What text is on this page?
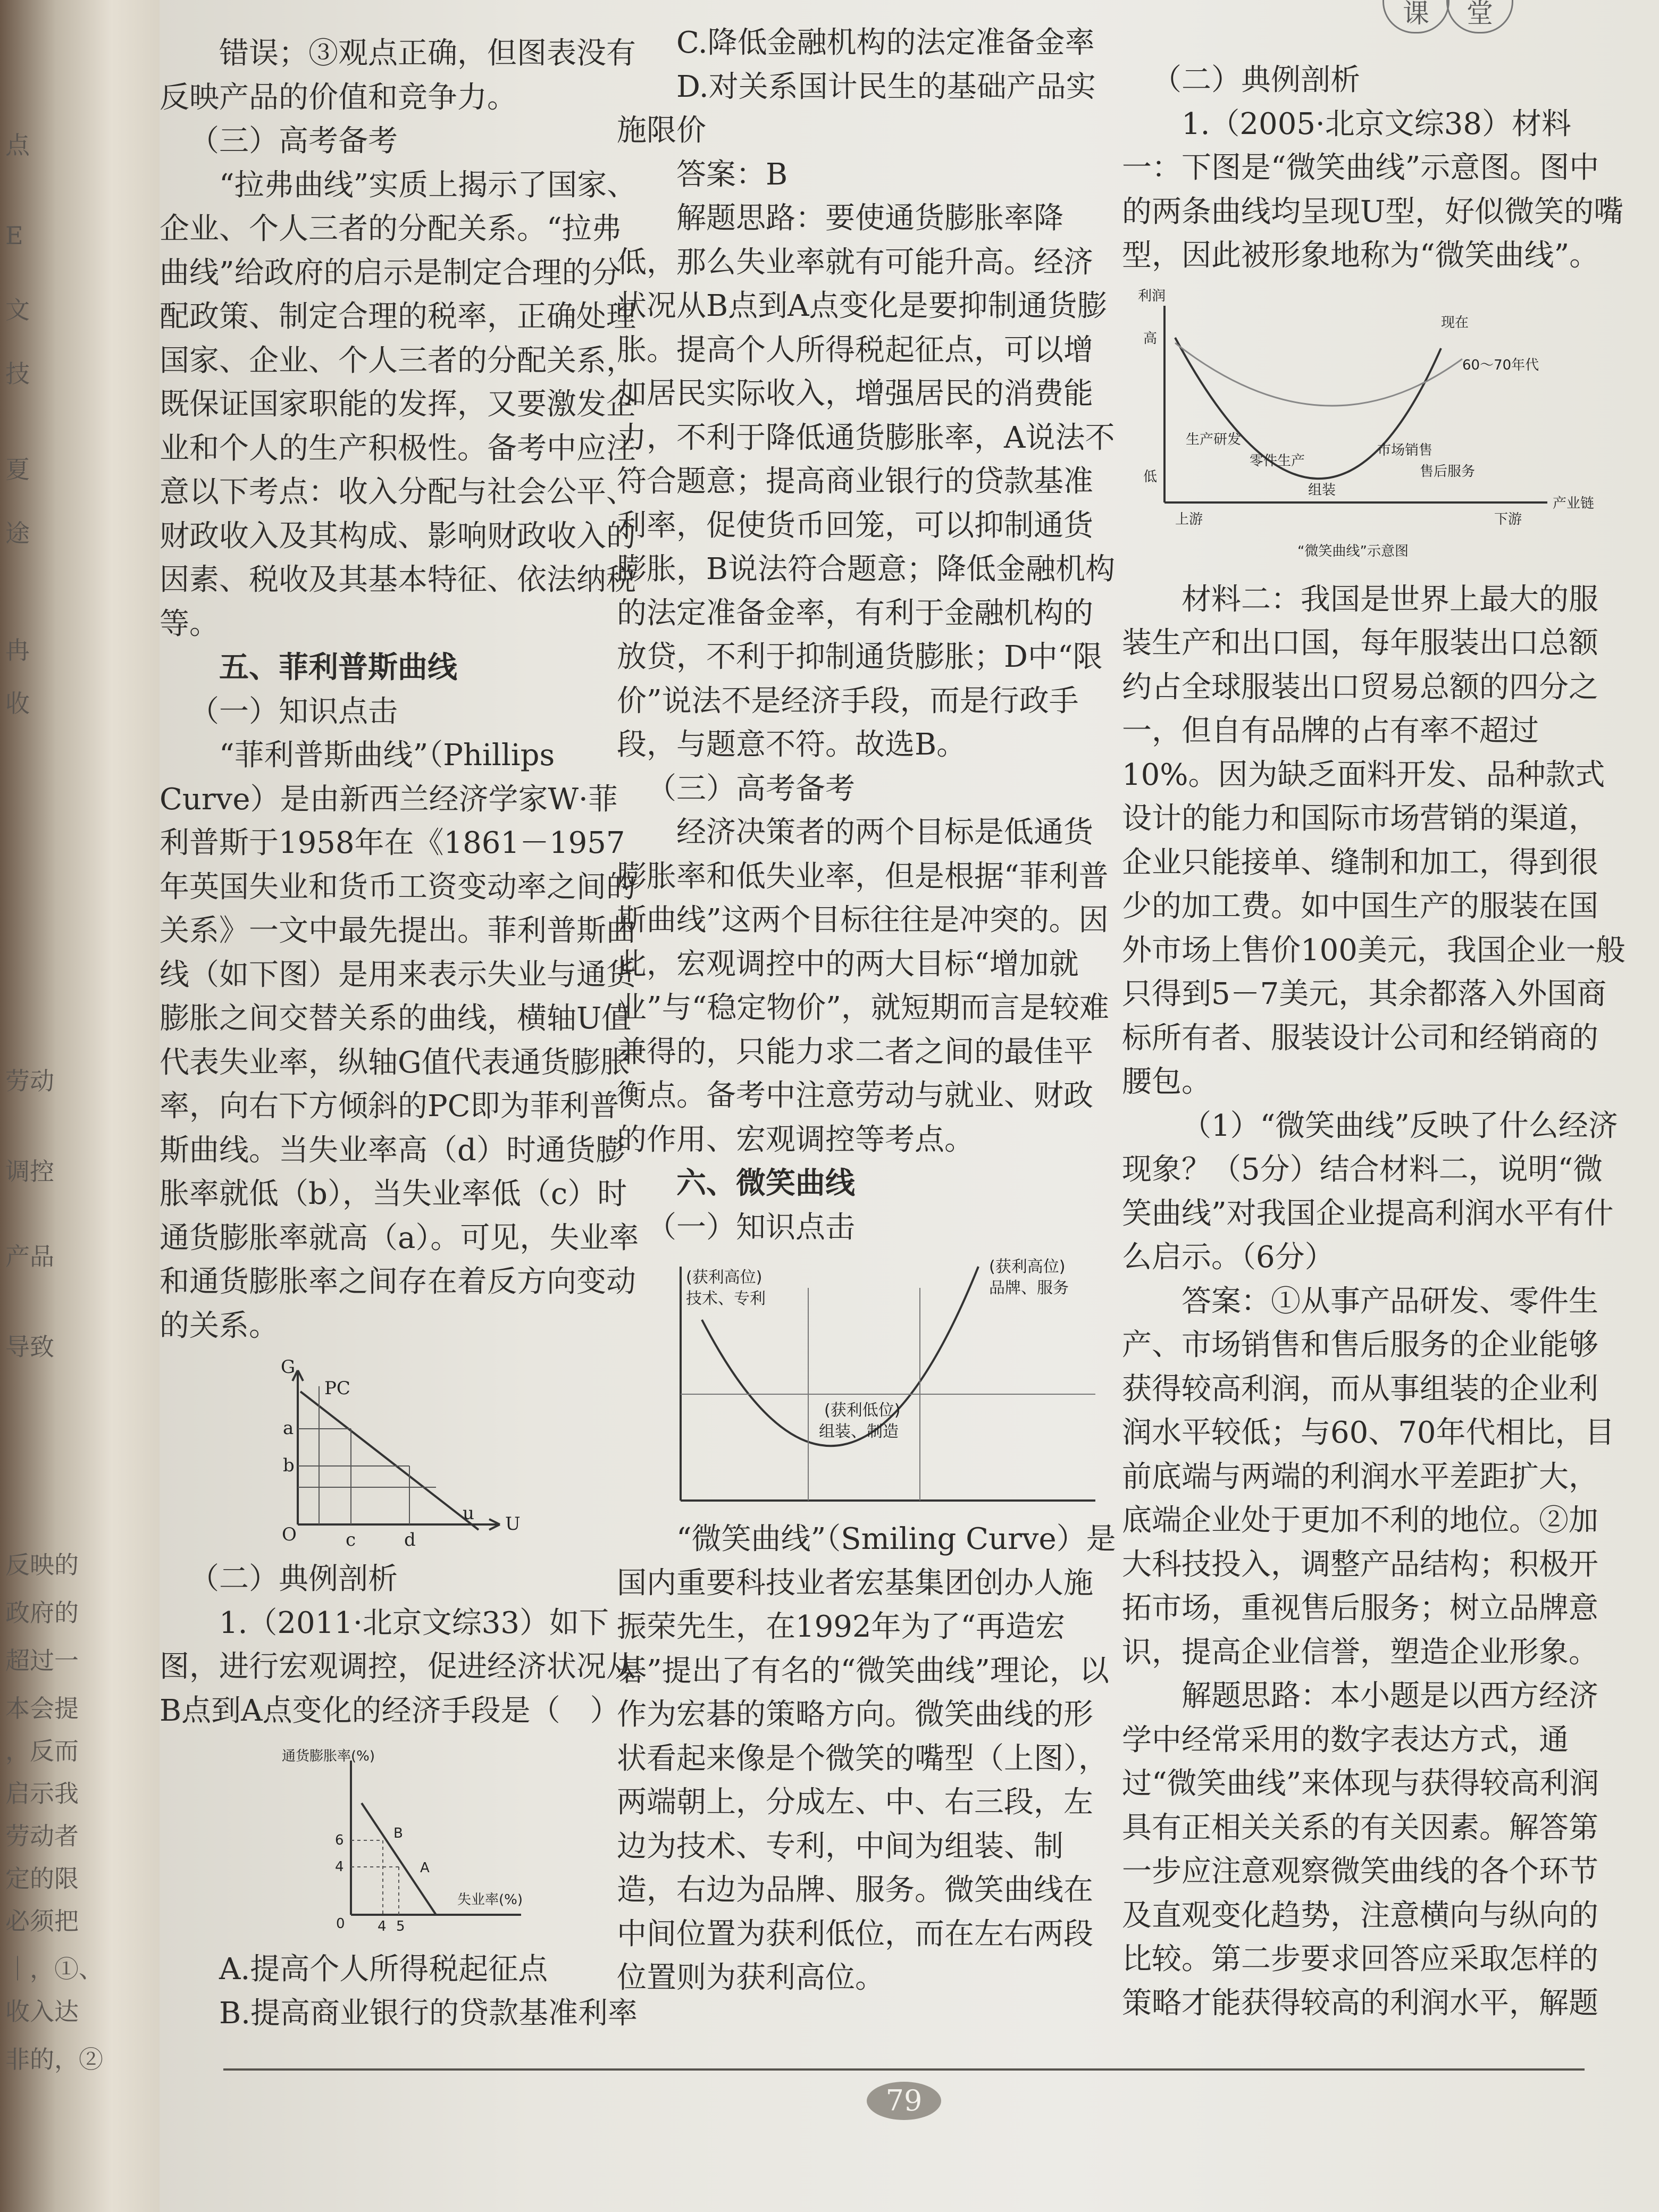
点
E
文
技
夏
途
冉
收
劳动
调控
产品
导致
反映的
政府的
超过一
本会提
，反而
启示我
劳动者
定的限
必须把
｜，①、
收入达
非的，②
课	堂

错误；③观点正确，但图表没有反映产品的价值和竞争力。

（三）高考备考

“拉弗曲线”实质上揭示了国家、企业、个人三者的分配关系。“拉弗曲线”给政府的启示是制定合理的分配政策、制定合理的税率，正确处理国家、企业、个人三者的分配关系，既保证国家职能的发挥，又要激发企业和个人的生产积极性。备考中应注意以下考点：收入分配与社会公平、财政收入及其构成、影响财政收入的因素、税收及其基本特征、依法纳税等。

五、菲利普斯曲线

（一）知识点击

“菲利普斯曲线”（Phillips Curve）是由新西兰经济学家W·菲利普斯于1958年在《1861－1957年英国失业和货币工资变动率之间的关系》一文中最先提出。菲利普斯曲线（如下图）是用来表示失业与通货膨胀之间交替关系的曲线，横轴U值代表失业率，纵轴G值代表通货膨胀率，向右下方倾斜的PC即为菲利普斯曲线。当失业率高（d）时通货膨胀率就低（b），当失业率低（c）时通货膨胀率就高（a）。可见，失业率和通货膨胀率之间存在着反方向变动的关系。

G
U
O
PC
a
b
c	d
u

（二）典例剖析

1.（2011·北京文综33）如下图，进行宏观调控，促进经济状况从B点到A点变化的经济手段是（　）

通货膨胀率(%)
失业率(%)
0
6
4
4 5
B
A

A.提高个人所得税起征点

B.提高商业银行的贷款基准利率

C.降低金融机构的法定准备金率

D.对关系国计民生的基础产品实施限价

答案：B

解题思路：要使通货膨胀率降低，那么失业率就有可能升高。经济状况从B点到A点变化是要抑制通货膨胀。提高个人所得税起征点，可以增加居民实际收入，增强居民的消费能力，不利于降低通货膨胀率，A说法不符合题意；提高商业银行的贷款基准利率，促使货币回笼，可以抑制通货膨胀，B说法符合题意；降低金融机构的法定准备金率，有利于金融机构的放贷，不利于抑制通货膨胀；D中“限价”说法不是经济手段，而是行政手段，与题意不符。故选B。

（三）高考备考

经济决策者的两个目标是低通货膨胀率和低失业率，但是根据“菲利普斯曲线”这两个目标往往是冲突的。因此，宏观调控中的两大目标“增加就业”与“稳定物价”，就短期而言是较难兼得的，只能力求二者之间的最佳平衡点。备考中注意劳动与就业、财政的作用、宏观调控等考点。

六、微笑曲线

（一）知识点击

(获利高位)
技术、专利
(获利高位)
品牌、服务
(获利低位)
组装、制造

“微笑曲线”（Smiling Curve）是国内重要科技业者宏基集团创办人施振荣先生，在1992年为了“再造宏碁”提出了有名的“微笑曲线”理论，以作为宏碁的策略方向。微笑曲线的形状看起来像是个微笑的嘴型（上图），两端朝上，分成左、中、右三段，左边为技术、专利，中间为组装、制造，右边为品牌、服务。微笑曲线在中间位置为获利低位，而在左右两段位置则为获利高位。

（二）典例剖析

1.（2005·北京文综38）材料一：下图是“微笑曲线”示意图。图中的两条曲线均呈现U型，好似微笑的嘴型，因此被形象地称为“微笑曲线”。

利润
高
低
上游	下游
产业链
现在
60～70年代
生产研发
零件生产
组装
市场销售
售后服务
“微笑曲线”示意图

材料二：我国是世界上最大的服装生产和出口国，每年服装出口总额约占全球服装出口贸易总额的四分之一，但自有品牌的占有率不超过10%。因为缺乏面料开发、品种款式设计的能力和国际市场营销的渠道，企业只能接单、缝制和加工，得到很少的加工费。如中国生产的服装在国外市场上售价100美元，我国企业一般只得到5－7美元，其余都落入外国商标所有者、服装设计公司和经销商的腰包。

（1）“微笑曲线”反映了什么经济现象？（5分）结合材料二，说明“微笑曲线”对我国企业提高利润水平有什么启示。（6分）

答案：①从事产品研发、零件生产、市场销售和售后服务的企业能够获得较高利润，而从事组装的企业利润水平较低；与60、70年代相比，目前底端与两端的利润水平差距扩大，底端企业处于更加不利的地位。②加大科技投入，调整产品结构；积极开拓市场，重视售后服务；树立品牌意识，提高企业信誉，塑造企业形象。

解题思路：本小题是以西方经济学中经常采用的数字表达方式，通过“微笑曲线”来体现与获得较高利润具有正相关关系的有关因素。解答第一步应注意观察微笑曲线的各个环节及直观变化趋势，注意横向与纵向的比较。第二步要求回答应采取怎样的策略才能获得较高的利润水平，解题

79
